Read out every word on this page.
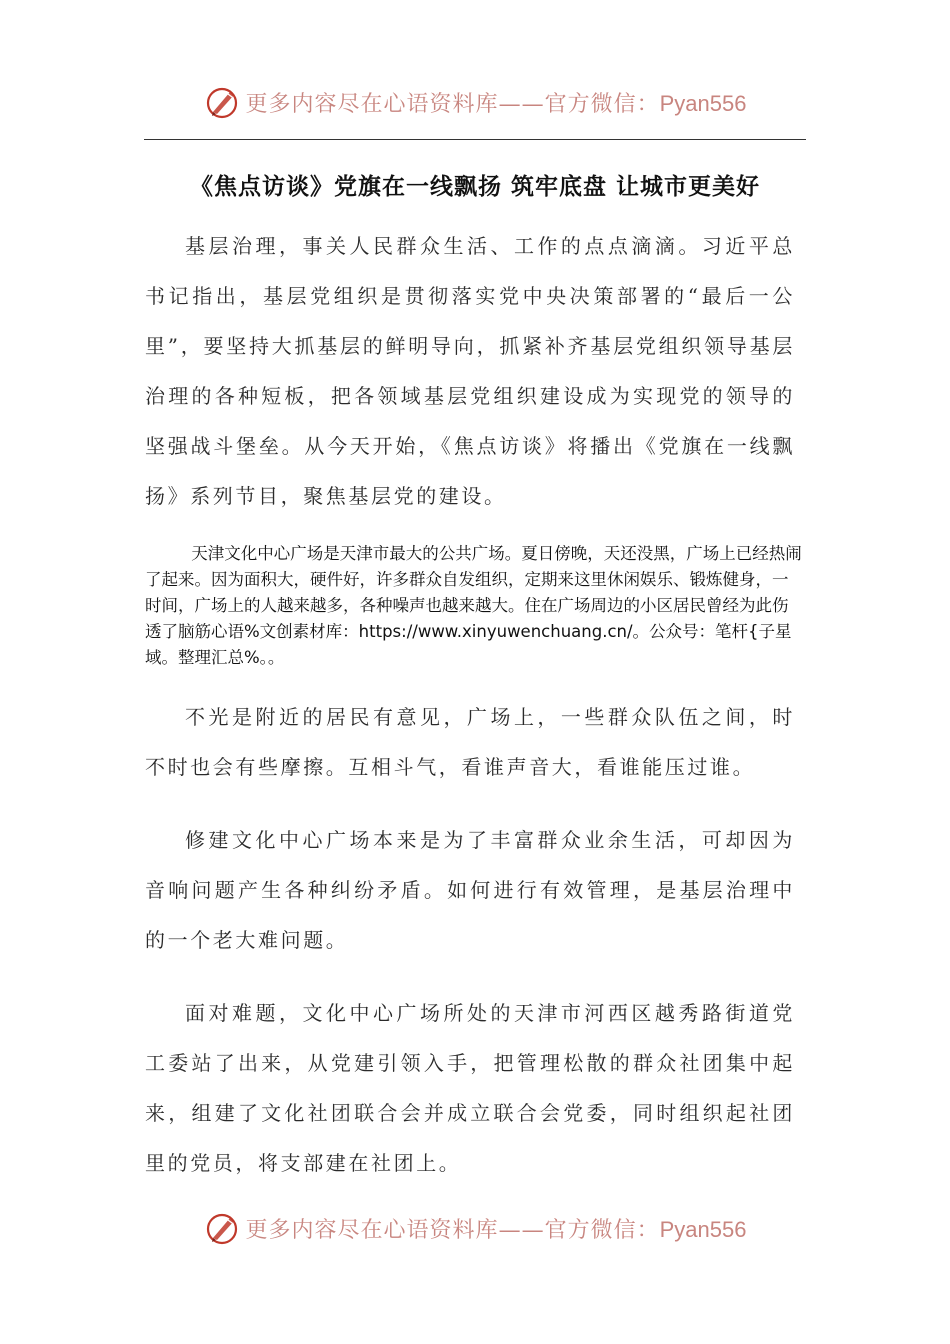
更多内容尽在心语资料库——官方微信：Pyan556
《焦点访谈》党旗在一线飘扬 筑牢底盘 让城市更美好

基层治理，事关人民群众生活、工作的点点滴滴。习近平总书记指出，基层党组织是贯彻落实党中央决策部署的“最后一公里”，要坚持大抓基层的鲜明导向，抓紧补齐基层党组织领导基层治理的各种短板，把各领域基层党组织建设成为实现党的领导的坚强战斗堡垒。从今天开始，《焦点访谈》将播出《党旗在一线飘扬》系列节目，聚焦基层党的建设。

天津文化中心广场是天津市最大的公共广场。夏日傍晚，天还没黑，广场上已经热闹了起来。因为面积大，硬件好，许多群众自发组织，定期来这里休闲娱乐、锻炼健身，一时间，广场上的人越来越多，各种噪声也越来越大。住在广场周边的小区居民曾经为此伤透了脑筋心语%文创素材库：https://www.xinyuwenchuang.cn/。公众号：笔杆{子星域。整理汇总%。。

不光是附近的居民有意见，广场上，一些群众队伍之间，时不时也会有些摩擦。互相斗气，看谁声音大，看谁能压过谁。

修建文化中心广场本来是为了丰富群众业余生活，可却因为音响问题产生各种纠纷矛盾。如何进行有效管理，是基层治理中的一个老大难问题。

面对难题，文化中心广场所处的天津市河西区越秀路街道党工委站了出来，从党建引领入手，把管理松散的群众社团集中起来，组建了文化社团联合会并成立联合会党委，同时组织起社团里的党员，将支部建在社团上。

更多内容尽在心语资料库——官方微信：Pyan556
